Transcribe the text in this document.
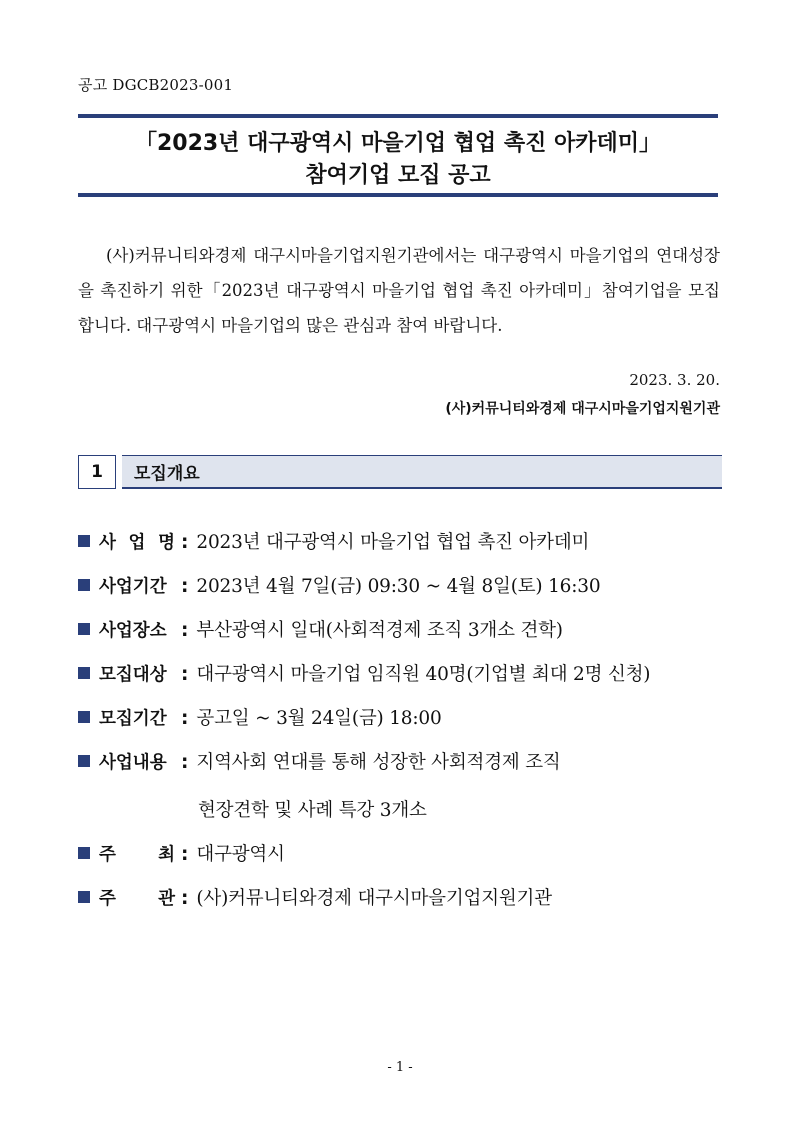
공고 DGCB2023-001
「2023년 대구광역시 마을기업 협업 촉진 아카데미」
참여기업 모집 공고
(사)커뮤니티와경제 대구시마을기업지원기관에서는 대구광역시 마을기업의 연대성장을 촉진하기 위한「2023년 대구광역시 마을기업 협업 촉진 아카데미」참여기업을 모집합니다. 대구광역시 마을기업의 많은 관심과 참여 바랍니다.
2023. 3. 20.
(사)커뮤니티와경제 대구시마을기업지원기관
1	모집개요
사 업 명 : 2023년 대구광역시 마을기업 협업 촉진 아카데미
사업기간 : 2023년 4월 7일(금) 09:30 ~ 4월 8일(토) 16:30
사업장소 : 부산광역시 일대(사회적경제 조직 3개소 견학)
모집대상 : 대구광역시 마을기업 임직원 40명(기업별 최대 2명 신청)
모집기간 : 공고일 ~ 3월 24일(금) 18:00
사업내용 : 지역사회 연대를 통해 성장한 사회적경제 조직
현장견학 및 사례 특강 3개소
주 최 : 대구광역시
주 관 : (사)커뮤니티와경제 대구시마을기업지원기관
- 1 -
